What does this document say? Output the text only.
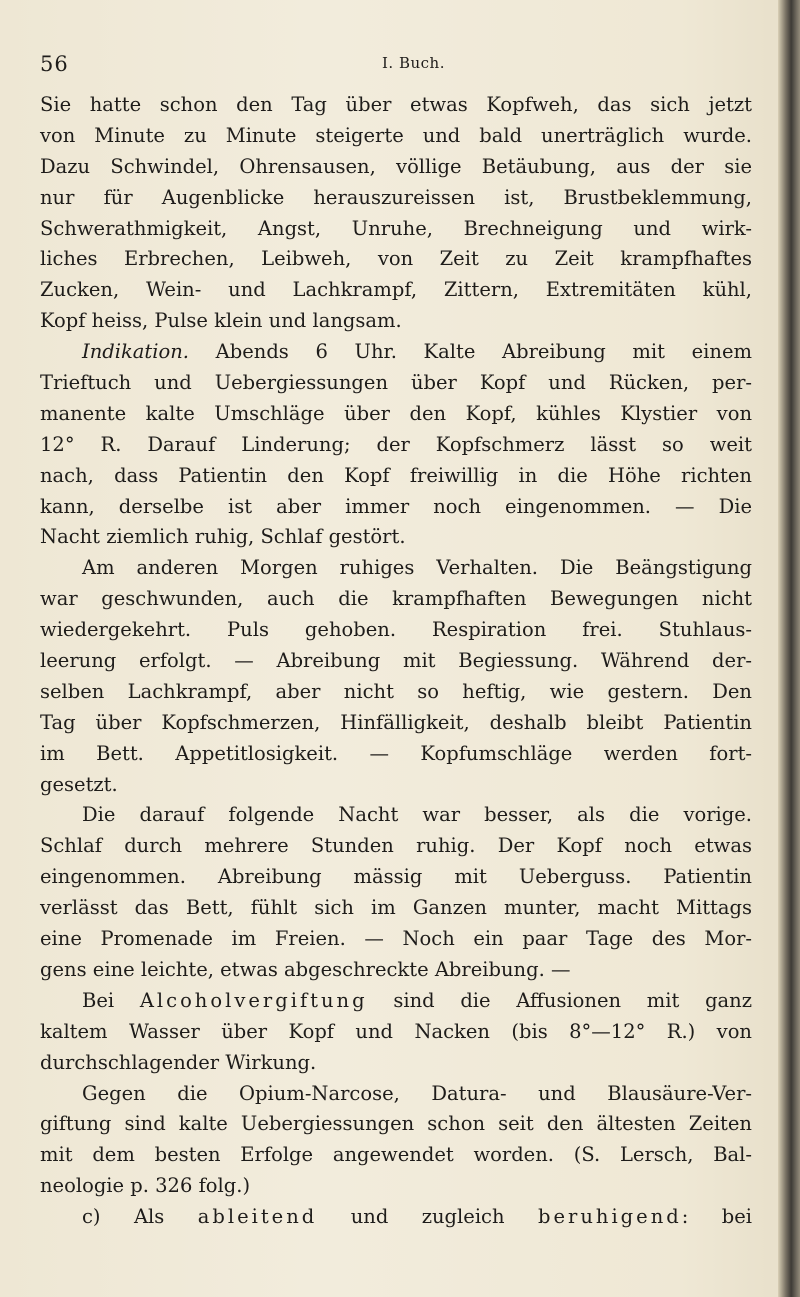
56	I. Buch.
Sie hatte schon den Tag über etwas Kopfweh, das sich jetzt
von Minute zu Minute steigerte und bald unerträglich wurde.
Dazu Schwindel, Ohrensausen, völlige Betäubung, aus der sie
nur für Augenblicke herauszureissen ist, Brustbeklemmung,
Schwerathmigkeit, Angst, Unruhe, Brechneigung und wirk-
liches Erbrechen, Leibweh, von Zeit zu Zeit krampfhaftes
Zucken, Wein- und Lachkrampf, Zittern, Extremitäten kühl,
Kopf heiss, Pulse klein und langsam.
Indikation. Abends 6 Uhr. Kalte Abreibung mit einem
Trieftuch und Uebergiessungen über Kopf und Rücken, per-
manente kalte Umschläge über den Kopf, kühles Klystier von
12° R. Darauf Linderung; der Kopfschmerz lässt so weit
nach, dass Patientin den Kopf freiwillig in die Höhe richten
kann, derselbe ist aber immer noch eingenommen. — Die
Nacht ziemlich ruhig, Schlaf gestört.
Am anderen Morgen ruhiges Verhalten. Die Beängstigung
war geschwunden, auch die krampfhaften Bewegungen nicht
wiedergekehrt. Puls gehoben. Respiration frei. Stuhlaus-
leerung erfolgt. — Abreibung mit Begiessung. Während der-
selben Lachkrampf, aber nicht so heftig, wie gestern. Den
Tag über Kopfschmerzen, Hinfälligkeit, deshalb bleibt Patientin
im Bett. Appetitlosigkeit. — Kopfumschläge werden fort-
gesetzt.
Die darauf folgende Nacht war besser, als die vorige.
Schlaf durch mehrere Stunden ruhig. Der Kopf noch etwas
eingenommen. Abreibung mässig mit Ueberguss. Patientin
verlässt das Bett, fühlt sich im Ganzen munter, macht Mittags
eine Promenade im Freien. — Noch ein paar Tage des Mor-
gens eine leichte, etwas abgeschreckte Abreibung. —
Bei Alcoholvergiftung sind die Affusionen mit ganz
kaltem Wasser über Kopf und Nacken (bis 8°—12° R.) von
durchschlagender Wirkung.
Gegen die Opium-Narcose, Datura- und Blausäure-Ver-
giftung sind kalte Uebergiessungen schon seit den ältesten Zeiten
mit dem besten Erfolge angewendet worden. (S. Lersch, Bal-
neologie p. 326 folg.)
c) Als ableitend und zugleich beruhigend: bei
